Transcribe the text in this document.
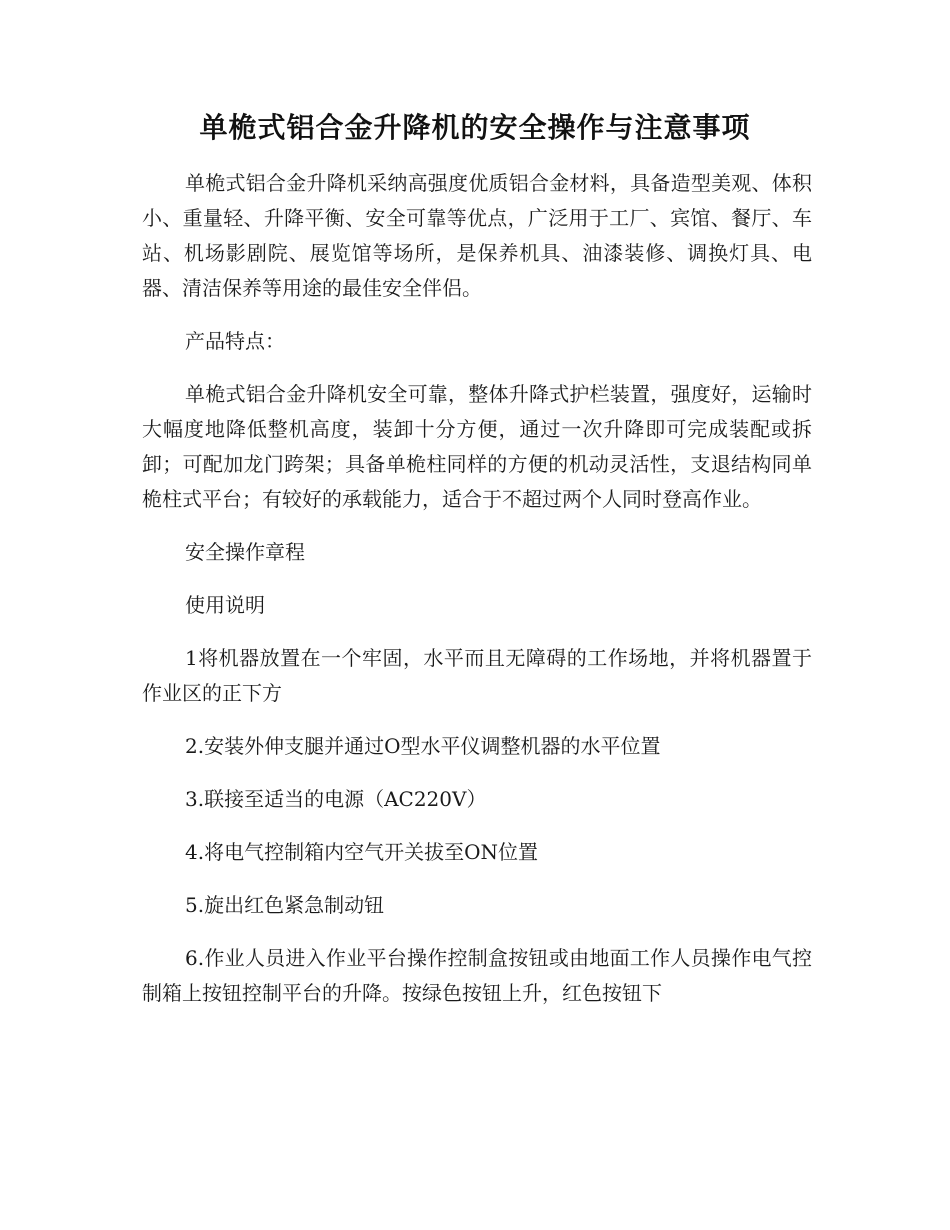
单桅式铝合金升降机的安全操作与注意事项

单桅式铝合金升降机采纳高强度优质铝合金材料，具备造型美观、体积小、重量轻、升降平衡、安全可靠等优点，广泛用于工厂、宾馆、餐厅、车站、机场影剧院、展览馆等场所，是保养机具、油漆装修、调换灯具、电器、清洁保养等用途的最佳安全伴侣。

产品特点：

单桅式铝合金升降机安全可靠，整体升降式护栏装置，强度好，运输时大幅度地降低整机高度，装卸十分方便，通过一次升降即可完成装配或拆卸；可配加龙门跨架；具备单桅柱同样的方便的机动灵活性，支退结构同单桅柱式平台；有较好的承载能力，适合于不超过两个人同时登高作业。

安全操作章程

使用说明

1将机器放置在一个牢固，水平而且无障碍的工作场地，并将机器置于作业区的正下方

2.安装外伸支腿并通过O型水平仪调整机器的水平位置

3.联接至适当的电源（AC220V）

4.将电气控制箱内空气开关拔至ON位置

5.旋出红色紧急制动钮

6.作业人员进入作业平台操作控制盒按钮或由地面工作人员操作电气控制箱上按钮控制平台的升降。按绿色按钮上升，红色按钮下
